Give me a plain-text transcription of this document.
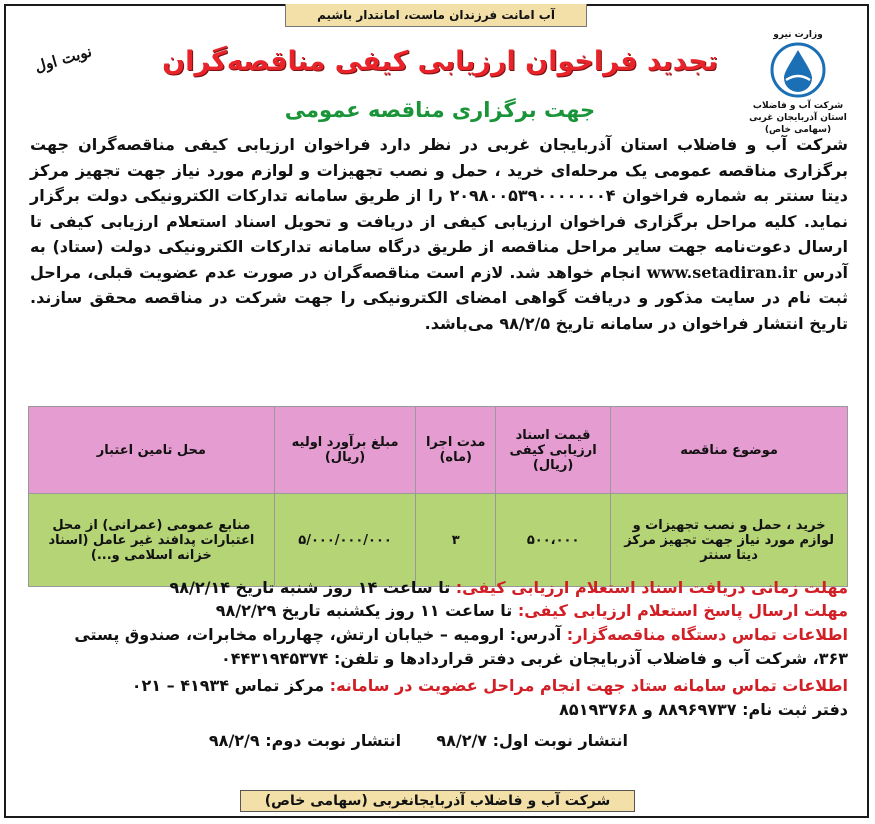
آب امانت فرزندان ماست، امانتدار باشیم
وزارت نیرو
شرکت آب و فاضلاب
استان آذربایجان غربی
(سهامی خاص)
نوبت اول	تجدید فراخوان ارزیابی کیفی مناقصه‌گران
جهت برگزاری مناقصه عمومی
شرکت آب و فاضلاب استان آذربایجان غربی در نظر دارد فراخوان ارزیابی کیفی مناقصه‌گران جهت برگزاری مناقصه عمومی یک مرحله‌ای خرید ، حمل و نصب تجهیزات و لوازم مورد نیاز جهت تجهیز مرکز دیتا سنتر به شماره فراخوان ۲۰۹۸۰۰۵۳۹۰۰۰۰۰۰۰۴ را از طریق سامانه تدارکات الکترونیکی دولت برگزار نماید. کلیه مراحل برگزاری فراخوان ارزیابی کیفی از دریافت و تحویل اسناد استعلام ارزیابی کیفی تا ارسال دعوت‌نامه جهت سایر مراحل مناقصه از طریق درگاه سامانه تدارکات الکترونیکی دولت (ستاد) به آدرس www.setadiran.ir انجام خواهد شد. لازم است مناقصه‌گران در صورت عدم عضویت قبلی، مراحل ثبت نام در سایت مذکور و دریافت گواهی امضای الکترونیکی را جهت شرکت در مناقصه محقق سازند. تاریخ انتشار فراخوان در سامانه تاریخ ۹۸/۲/۵ می‌باشد.
موضوع مناقصه	قیمت اسناد ارزیابی کیفی (ریال)	مدت اجرا (ماه)	مبلغ برآورد اولیه (ریال)	محل تامین اعتبار
خرید ، حمل و نصب تجهیزات و لوازم مورد نیاز جهت تجهیز مرکز دیتا سنتر	۵۰۰،۰۰۰	۳	۵/۰۰۰/۰۰۰/۰۰۰	منابع عمومی (عمرانی) از محل اعتبارات پدافند غیر عامل (اسناد خزانه اسلامی و...)
مهلت زمانی دریافت اسناد استعلام ارزیابی کیفی: تا ساعت ۱۴ روز شنبه تاریخ ۹۸/۲/۱۴
مهلت ارسال پاسخ استعلام ارزیابی کیفی: تا ساعت ۱۱ روز یکشنبه تاریخ ۹۸/۲/۲۹
اطلاعات تماس دستگاه مناقصه‌گزار: آدرس: ارومیه – خیابان ارتش، چهارراه مخابرات، صندوق پستی
۳۶۳، شرکت آب و فاضلاب آذربایجان غربی دفتر قراردادها و تلفن: ۰۴۴۳۱۹۴۵۳۷۴
اطلاعات تماس سامانه ستاد جهت انجام مراحل عضویت در سامانه: مرکز تماس ۴۱۹۳۴ – ۰۲۱
دفتر ثبت نام: ۸۸۹۶۹۷۳۷ و ۸۵۱۹۳۷۶۸
انتشار نوبت اول: ۹۸/۲/۷  انتشار نوبت دوم: ۹۸/۲/۹
شرکت آب و فاضلاب آذربایجانغربی (سهامی خاص)
